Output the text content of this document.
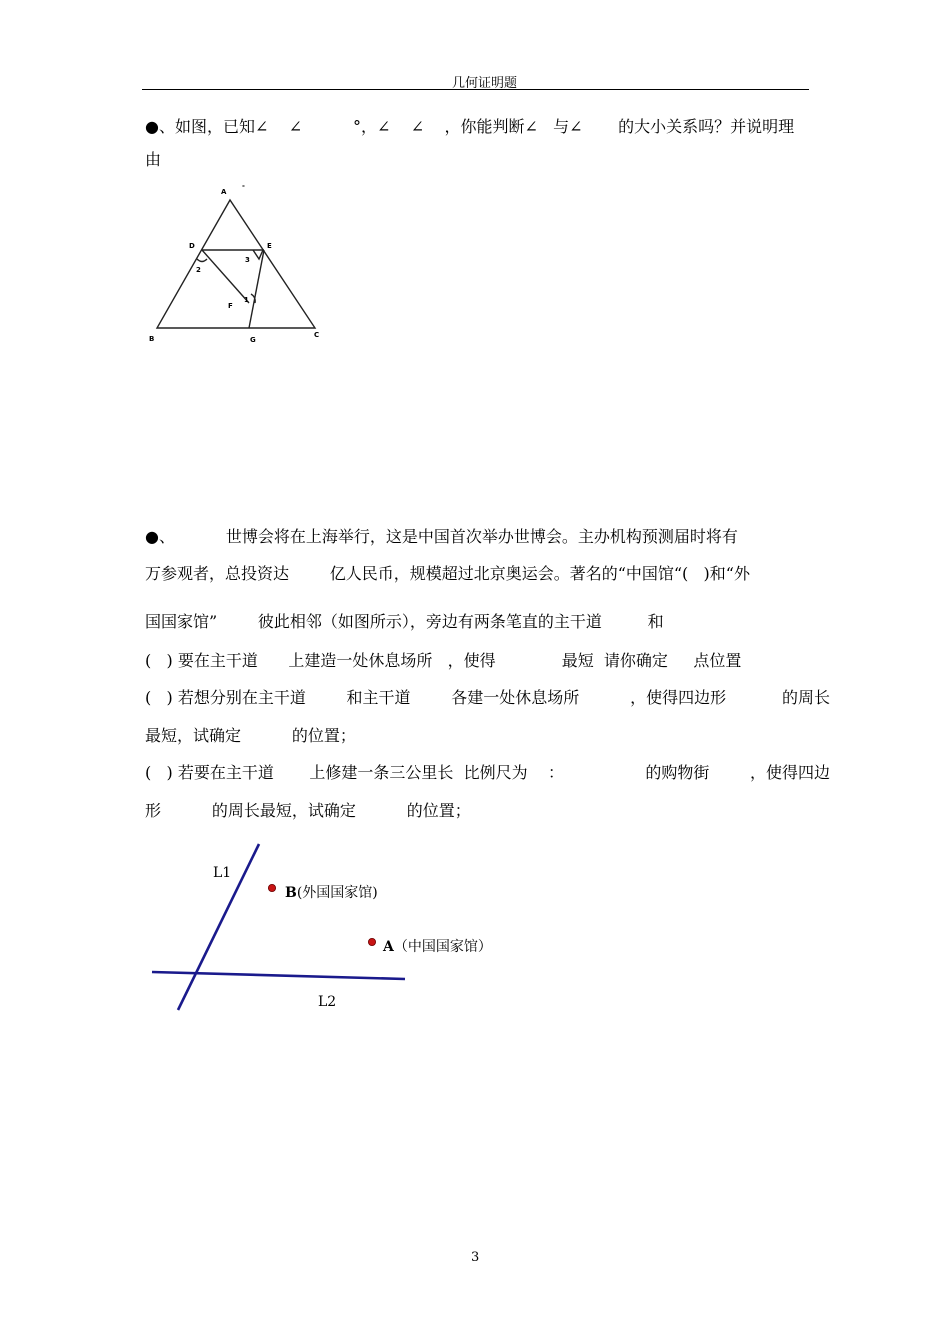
几何证明题
●、如图，已知∠    ∠          °，∠    ∠    ，你能判断∠   与∠       的大小关系吗？并说明理
由
A
-
D	E
2
3
F
1
B	G
C
●、          世博会将在上海举行，这是中国首次举办世博会。主办机构预测届时将有
万参观者，总投资达        亿人民币，规模超过北京奥运会。著名的“中国馆“(   )和“外
国国家馆”        彼此相邻（如图所示），旁边有两条笔直的主干道         和
(   ) 要在主干道      上建造一处休息场所   ，使得             最短  请你确定     点位置
(   ) 若想分别在主干道        和主干道        各建一处休息场所          ，使得四边形           的周长
最短，试确定          的位置；
(   ) 若要在主干道       上修建一条三公里长  比例尺为    ：                的购物街        ，使得四边
形          的周长最短，试确定          的位置；
L1
L2
B(外国国家馆)
A（中国国家馆）
3
